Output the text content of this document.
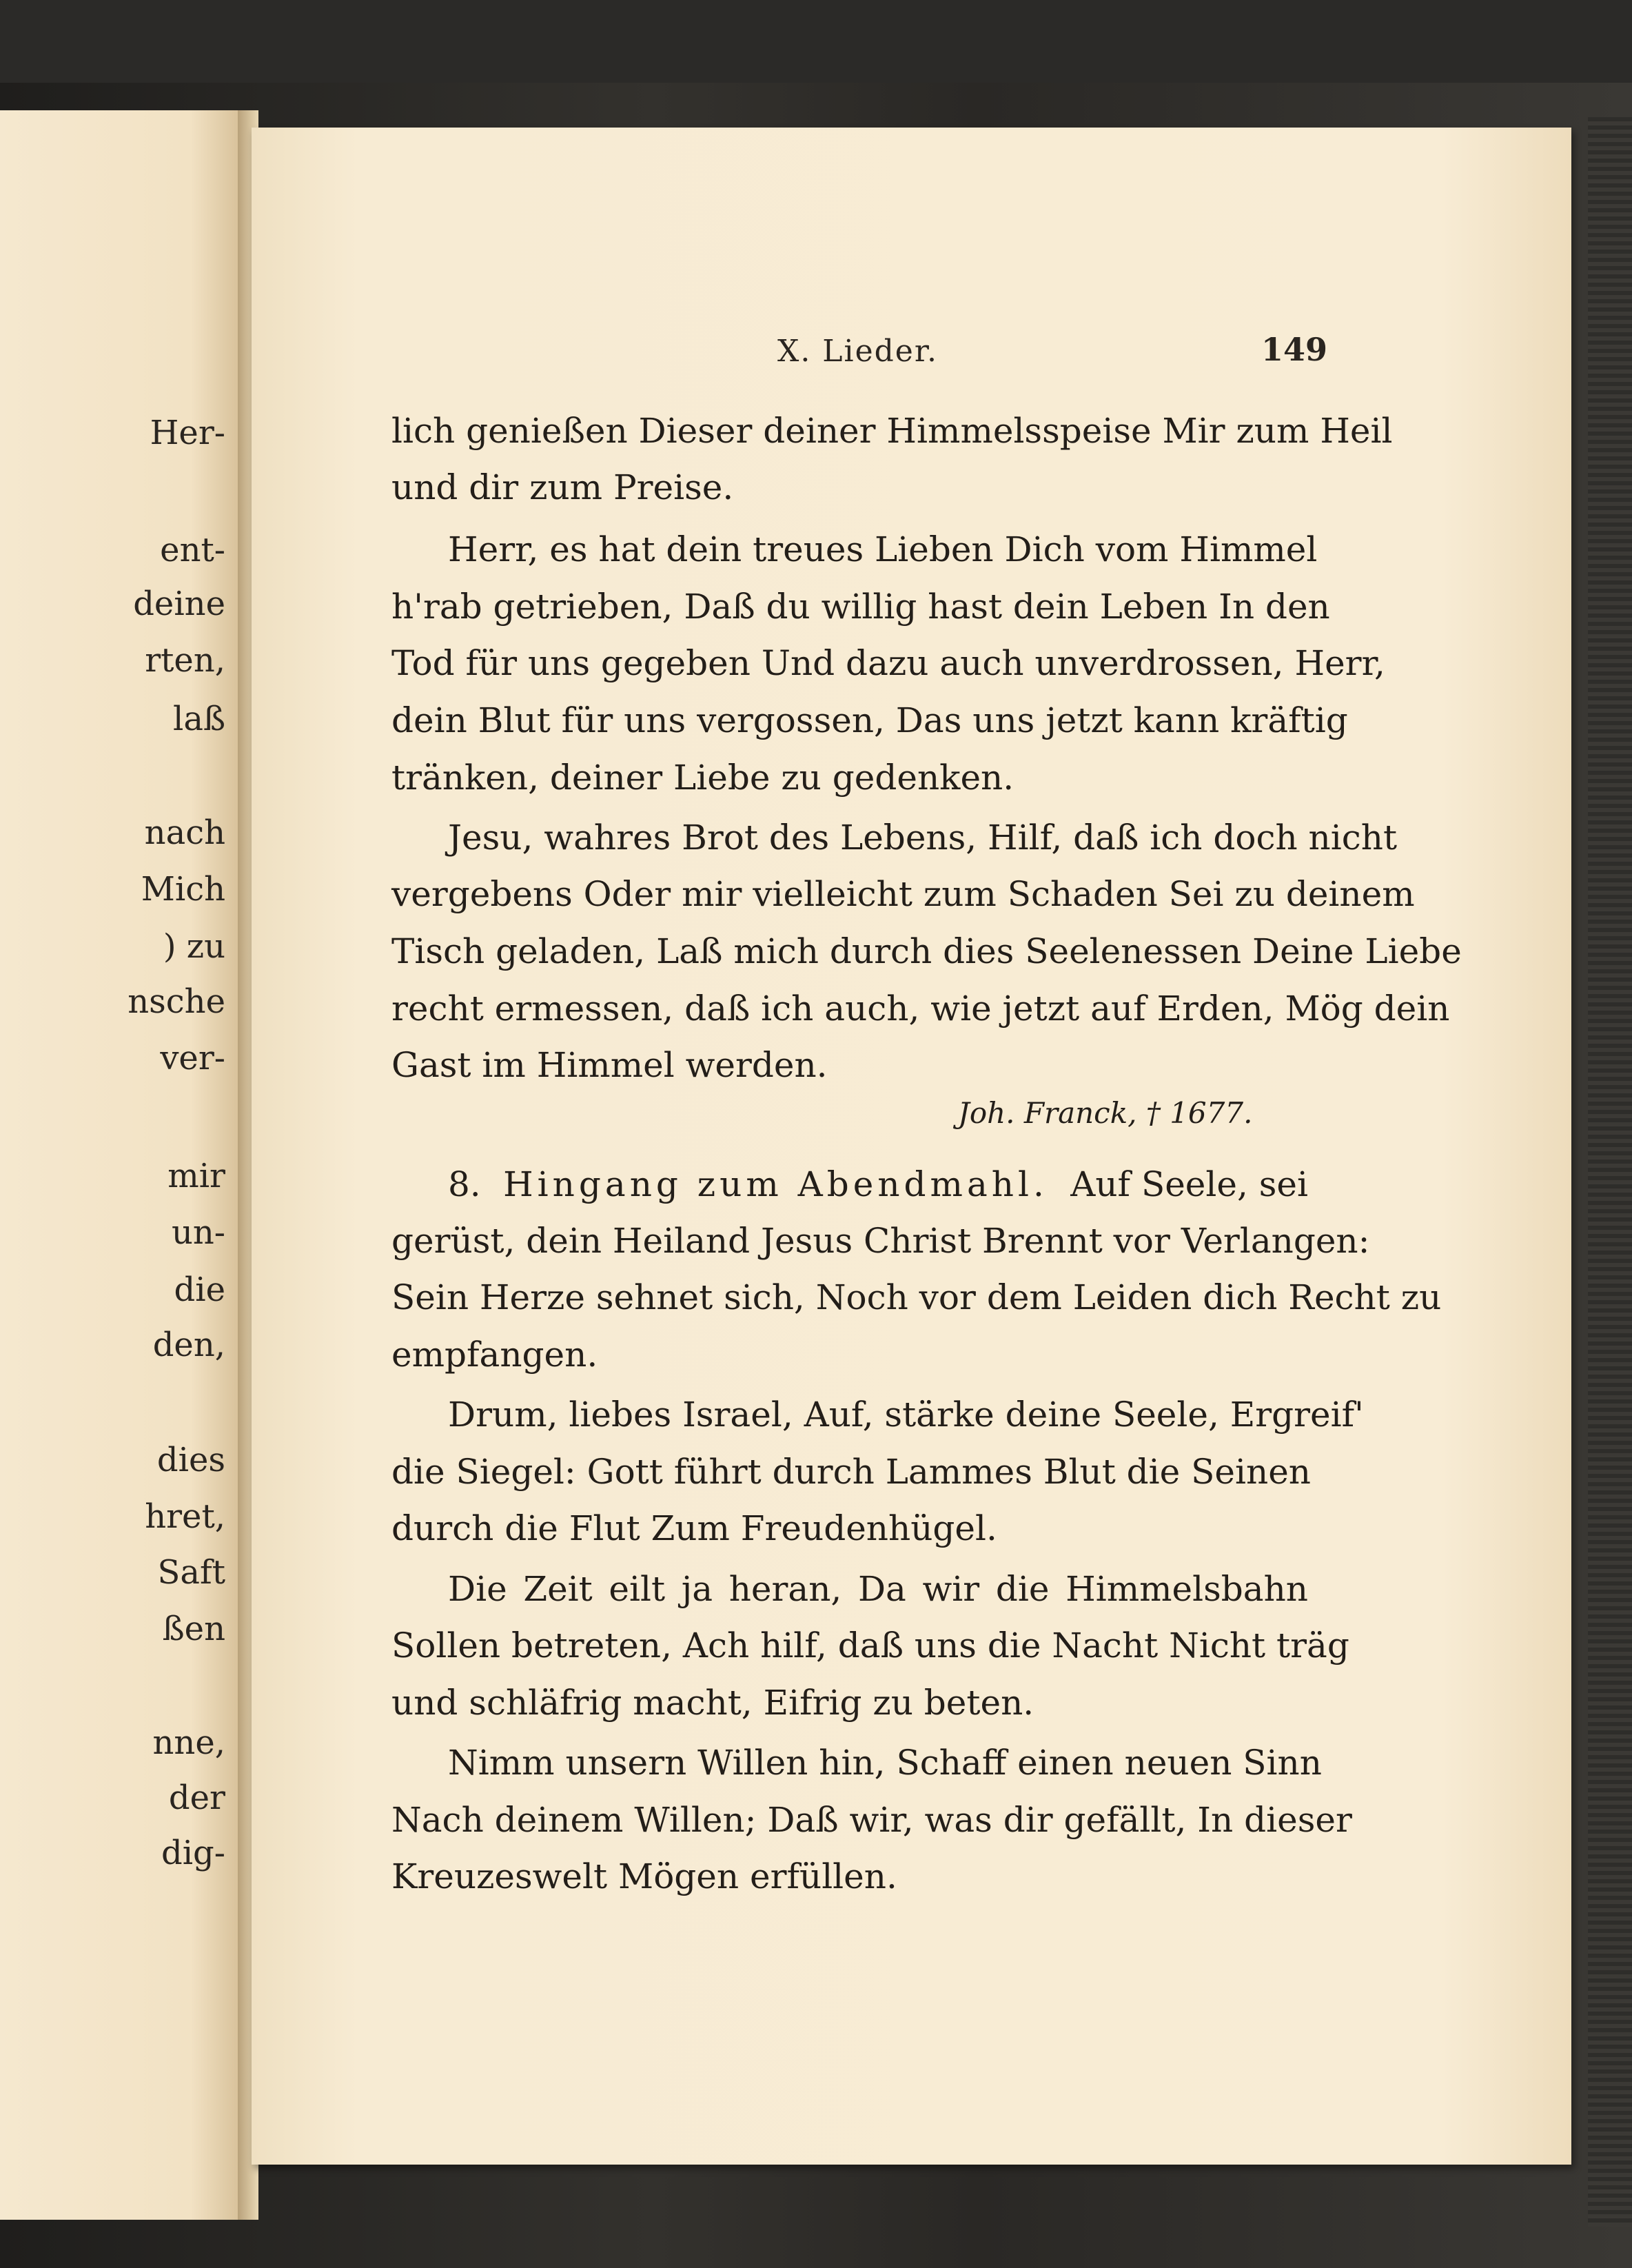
Her-
ent-
deine
rten,
laß
nach
Mich
) zu
nsche
ver-
mir
un-
die
den,
dies
hret,
Saft
ßen
nne,
der
dig-
X. Lieder.	149
lich genießen Dieser deiner Himmelsspeise Mir zum Heil
und dir zum Preise.
Herr, es hat dein treues Lieben Dich vom Himmel
h'rab getrieben, Daß du willig hast dein Leben In den
Tod für uns gegeben Und dazu auch unverdrossen, Herr,
dein Blut für uns vergossen, Das uns jetzt kann kräftig
tränken, deiner Liebe zu gedenken.
Jesu, wahres Brot des Lebens, Hilf, daß ich doch nicht
vergebens Oder mir vielleicht zum Schaden Sei zu deinem
Tisch geladen, Laß mich durch dies Seelenessen Deine Liebe
recht ermessen, daß ich auch, wie jetzt auf Erden, Mög dein
Gast im Himmel werden.
Joh. Franck, † 1677.
8. Hingang zum Abendmahl. Auf Seele, sei
gerüst, dein Heiland Jesus Christ Brennt vor Verlangen:
Sein Herze sehnet sich, Noch vor dem Leiden dich Recht zu
empfangen.
Drum, liebes Israel, Auf, stärke deine Seele, Ergreif'
die Siegel: Gott führt durch Lammes Blut die Seinen
durch die Flut Zum Freudenhügel.
Die Zeit eilt ja heran, Da wir die Himmelsbahn
Sollen betreten, Ach hilf, daß uns die Nacht Nicht träg
und schläfrig macht, Eifrig zu beten.
Nimm unsern Willen hin, Schaff einen neuen Sinn
Nach deinem Willen; Daß wir, was dir gefällt, In dieser
Kreuzeswelt Mögen erfüllen.
